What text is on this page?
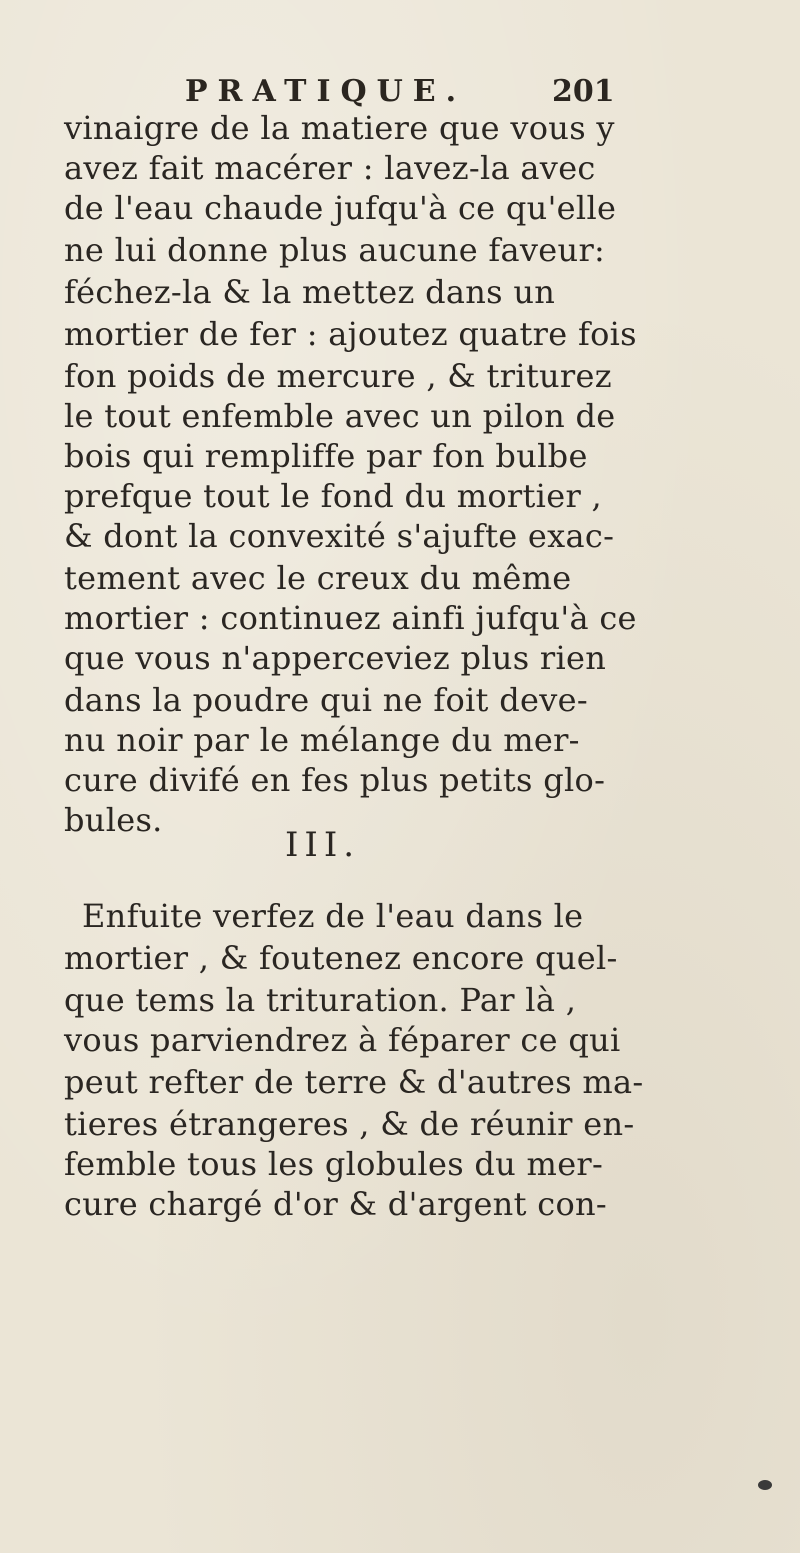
PRATIQUE.	201
vinaigre de la matiere que vous y
avez fait macérer : lavez-la avec
de l'eau chaude jufqu'à ce qu'elle
ne lui donne plus aucune faveur:
féchez-la & la mettez dans un
mortier de fer : ajoutez quatre fois
fon poids de mercure , & triturez
le tout enfemble avec un pilon de
bois qui rempliffe par fon bulbe
prefque tout le fond du mortier ,
& dont la convexité s'ajufte exac-
tement avec le creux du même
mortier : continuez ainfi jufqu'à ce
que vous n'apperceviez plus rien
dans la poudre qui ne foit deve-
nu noir par le mélange du mer-
cure divifé en fes plus petits glo-
bules.
Enfuite verfez de l'eau dans le
mortier , & foutenez encore quel-
que tems la trituration. Par là ,
vous parviendrez à féparer ce qui
peut refter de terre & d'autres ma-
tieres étrangeres , & de réunir en-
femble tous les globules du mer-
cure chargé d'or & d'argent con-
III.
